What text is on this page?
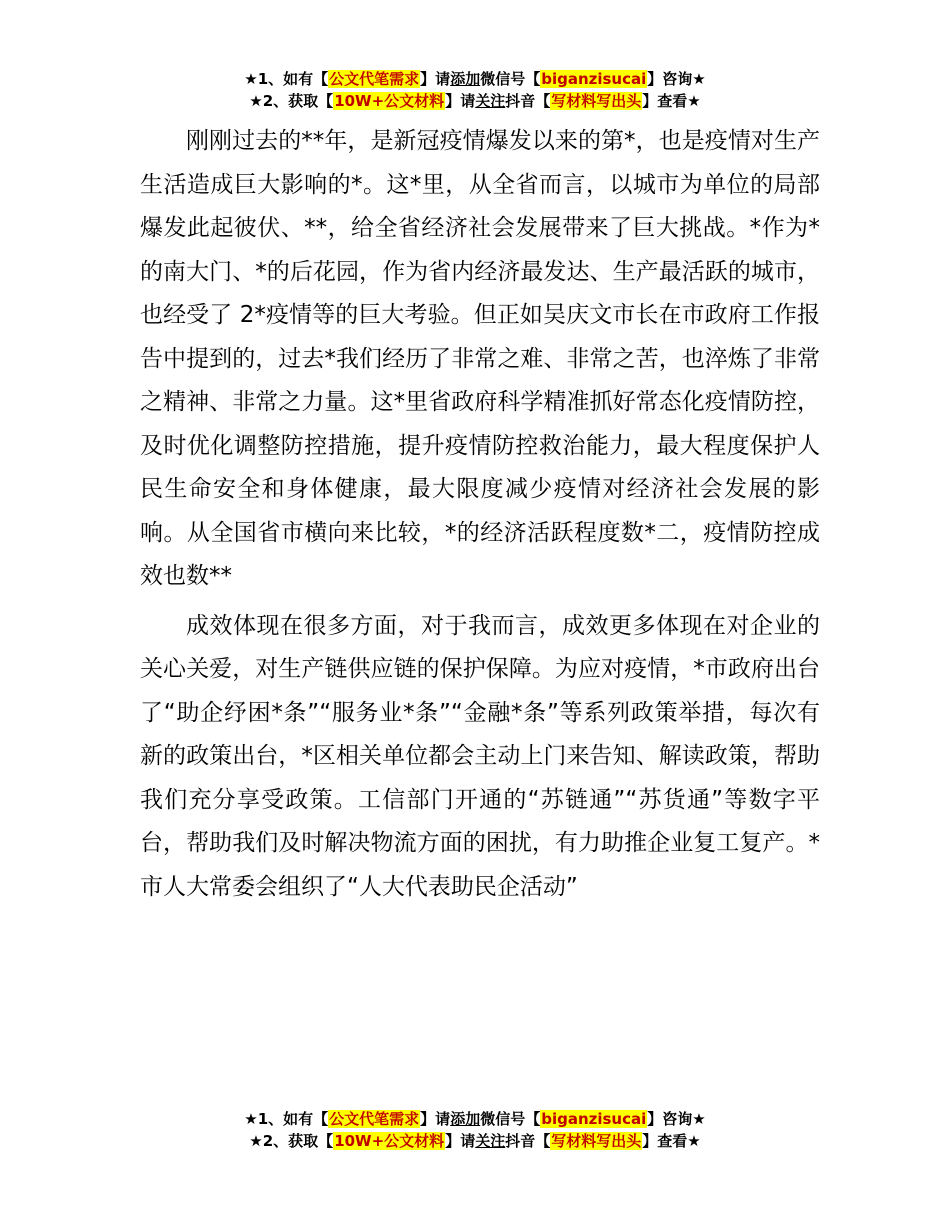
★1、如有【公文代笔需求】请添加微信号【biganzisucai】咨询★
★2、获取【10W+公文材料】请关注抖音【写材料写出头】查看★

刚刚过去的**年，是新冠疫情爆发以来的第*，也是疫情对生产生活造成巨大影响的*。这*里，从全省而言，以城市为单位的局部爆发此起彼伏、**，给全省经济社会发展带来了巨大挑战。*作为*的南大门、*的后花园，作为省内经济最发达、生产最活跃的城市，也经受了 2*疫情等的巨大考验。但正如吴庆文市长在市政府工作报告中提到的，过去*我们经历了非常之难、非常之苦，也淬炼了非常之精神、非常之力量。这*里省政府科学精准抓好常态化疫情防控，及时优化调整防控措施，提升疫情防控救治能力，最大程度保护人民生命安全和身体健康，最大限度减少疫情对经济社会发展的影响。从全国省市横向来比较，*的经济活跃程度数*二，疫情防控成效也数**

成效体现在很多方面，对于我而言，成效更多体现在对企业的关心关爱，对生产链供应链的保护保障。为应对疫情，*市政府出台了“助企纾困*条”“服务业*条”“金融*条”等系列政策举措，每次有新的政策出台，*区相关单位都会主动上门来告知、解读政策，帮助我们充分享受政策。工信部门开通的“苏链通”“苏货通”等数字平台，帮助我们及时解决物流方面的困扰，有力助推企业复工复产。*市人大常委会组织了“人大代表助民企活动”

★1、如有【公文代笔需求】请添加微信号【biganzisucai】咨询★
★2、获取【10W+公文材料】请关注抖音【写材料写出头】查看★
